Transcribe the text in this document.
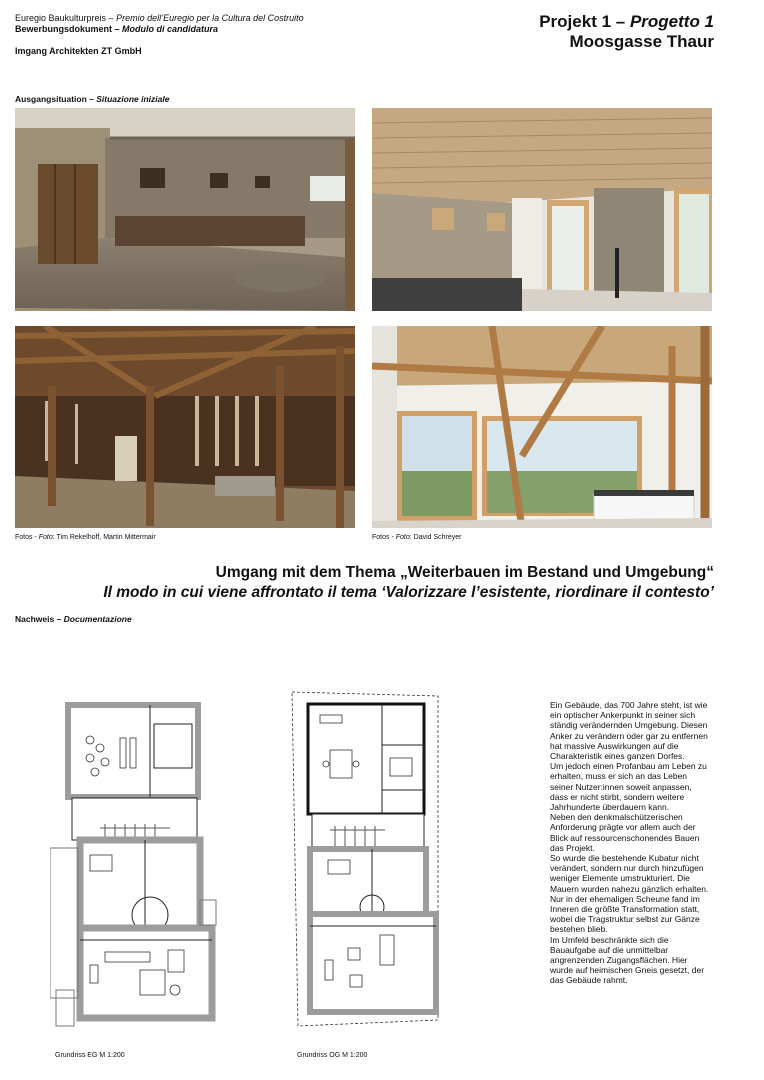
Euregio Baukulturpreis – Premio dell’Euregio per la Cultura del Costruito
Bewerbungsdokument – Modulo di candidatura
Imgang Architekten ZT GmbH
Projekt 1 – Progetto 1
Moosgasse Thaur
Ausgangsituation – Situazione iniziale
Fotos - Foto: Tim Rekelhoff, Martin Mittermair	Fotos - Foto: David Schreyer
Umgang mit dem Thema „Weiterbauen im Bestand und Umgebung“
Il modo in cui viene affrontato il tema ‘Valorizzare l’esistente, riordinare il contesto’
Nachweis – Documentazione
Grundriss EG M 1:200	Grundriss OG M 1:200

Ein Gebäude, das 700 Jahre steht, ist wie ein optischer Ankerpunkt in seiner sich ständig verändernden Umgebung. Diesen Anker zu verändern oder gar zu entfernen hat massive Auswirkungen auf die Charakteristik eines ganzen Dorfes.

Um jedoch einen Profanbau am Leben zu erhalten, muss er sich an das Leben seiner Nutzer:innen soweit anpassen, dass er nicht stirbt, sondern weitere Jahrhunderte überdauern kann.

Neben den denkmalschützerischen Anforderung prägte vor allem auch der Blick auf ressourcenschonendes Bauen das Projekt.

So wurde die bestehende Kubatur nicht verändert, sondern nur durch hinzufügen weniger Elemente umstrukturiert. Die Mauern wurden nahezu gänzlich erhalten. Nur in der ehemaligen Scheune fand im Inneren die größte Transformation statt, wobei die Tragstruktur selbst zur Gänze bestehen blieb.

Im Umfeld beschränkte sich die Bauaufgabe auf die unmittelbar angrenzenden Zugangsflächen. Hier wurde auf heimischen Gneis gesetzt, der das Gebäude rahmt.
